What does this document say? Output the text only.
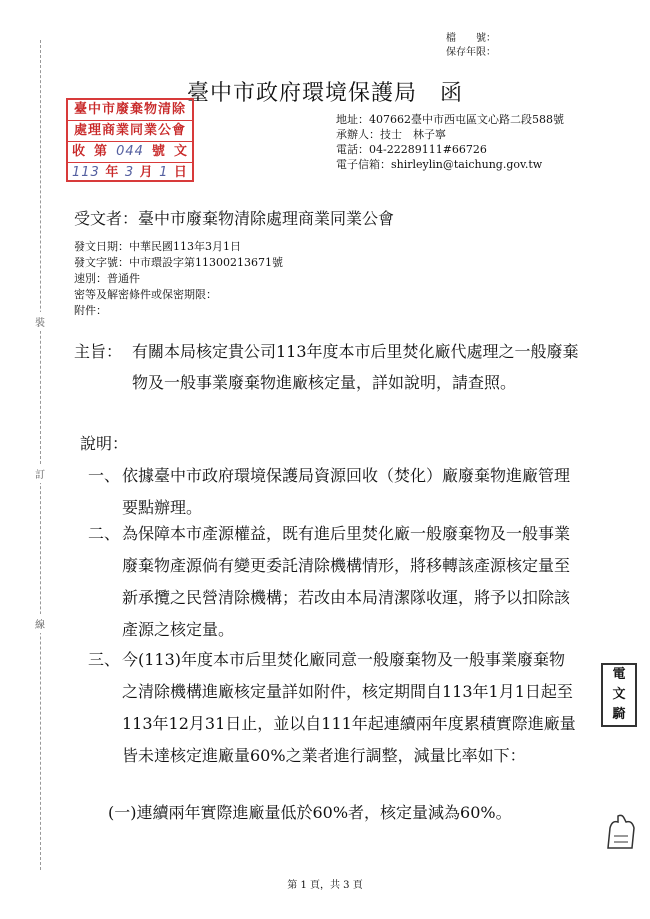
檔　　號：
保存年限：
裝
訂
線
臺中市政府環境保護局　函
臺中市廢棄物清除
處理商業同業公會
收 第 044 號 文
113 年 3 月 1 日
地址：407662臺中市西屯區文心路二段588號
承辦人：技士　林子寧
電話：04-22289111#66726
電子信箱：shirleylin@taichung.gov.tw
受文者：臺中市廢棄物清除處理商業同業公會
發文日期：中華民國113年3月1日
發文字號：中市環設字第11300213671號
速別：普通件
密等及解密條件或保密期限：
附件：
主旨： 有關本局核定貴公司113年度本市后里焚化廠代處理之一般廢棄物及一般事業廢棄物進廠核定量，詳如說明，請查照。
說明：
一、 依據臺中市政府環境保護局資源回收（焚化）廠廢棄物進廠管理要點辦理。
二、 為保障本市產源權益，既有進后里焚化廠一般廢棄物及一般事業廢棄物產源倘有變更委託清除機構情形，將移轉該產源核定量至新承攬之民營清除機構；若改由本局清潔隊收運，將予以扣除該產源之核定量。
三、 今(113)年度本市后里焚化廠同意一般廢棄物及一般事業廢棄物之清除機構進廠核定量詳如附件，核定期間自113年1月1日起至113年12月31日止，並以自111年起連續兩年度累積實際進廠量皆未達核定進廠量60%之業者進行調整，減量比率如下：
(一)連續兩年實際進廠量低於60%者，核定量減為60%。
電
文
騎
第 1 頁，共 3 頁
